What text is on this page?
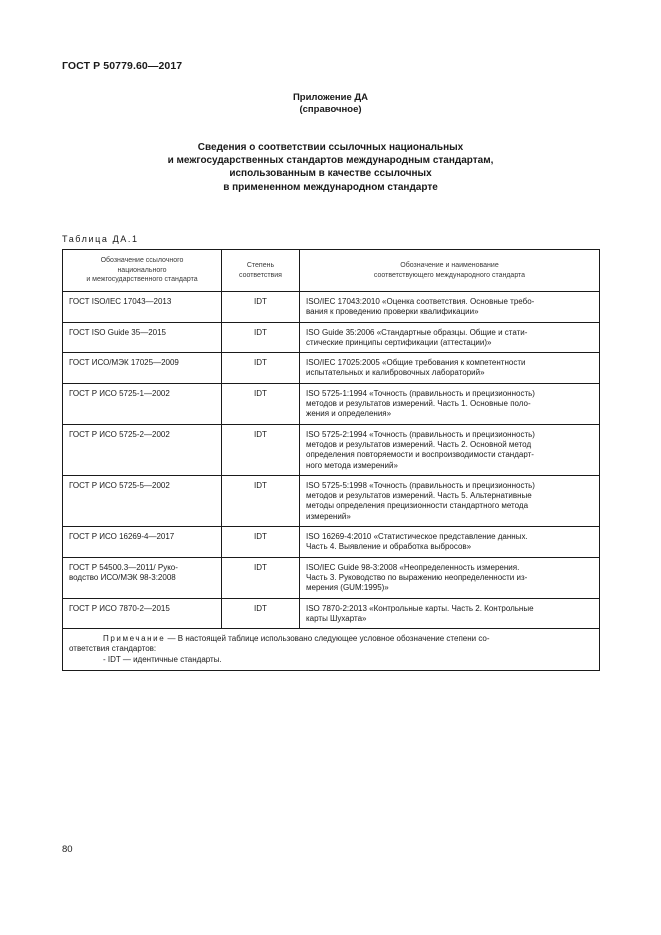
ГОСТ Р 50779.60—2017
Приложение ДА
(справочное)
Сведения о соответствии ссылочных национальных
и межгосударственных стандартов международным стандартам,
использованным в качестве ссылочных
в примененном международном стандарте
Таблица ДА.1
Обозначение ссылочного
национального
и межгосударственного стандарта	Степень
соответствия	Обозначение и наименование
соответствующего международного стандарта

ГОСТ ISO/IEC 17043—2013	IDT	ISO/IEC 17043:2010 «Оценка соответствия. Основные требо-
вания к проведению проверки квалификации»

ГОСТ ISO Guide 35—2015	IDT	ISO Guide 35:2006 «Стандартные образцы. Общие и стати-
стические принципы сертификации (аттестации)»

ГОСТ ИСО/МЭК 17025—2009	IDT	ISO/IEC 17025:2005 «Общие требования к компетентности
испытательных и калибровочных лабораторий»

ГОСТ Р ИСО 5725-1—2002	IDT	ISO 5725-1:1994 «Точность (правильность и прецизионность)
методов и результатов измерений. Часть 1. Основные поло-
жения и определения»

ГОСТ Р ИСО 5725-2—2002	IDT	ISO 5725-2:1994 «Точность (правильность и прецизионность)
методов и результатов измерений. Часть 2. Основной метод
определения повторяемости и воспроизводимости стандарт-
ного метода измерений»

ГОСТ Р ИСО 5725-5—2002	IDT	ISO 5725-5:1998 «Точность (правильность и прецизионность)
методов и результатов измерений. Часть 5. Альтернативные
методы определения прецизионности стандартного метода
измерений»

ГОСТ Р ИСО 16269-4—2017	IDT	ISO 16269-4:2010 «Статистическое представление данных.
Часть 4. Выявление и обработка выбросов»

ГОСТ Р 54500.3—2011/ Руко-
водство ИСО/МЭК 98-3:2008	IDT	ISO/IEC Guide 98-3:2008 «Неопределенность измерения.
Часть 3. Руководство по выражению неопределенности из-
мерения (GUM:1995)»

ГОСТ Р ИСО 7870-2—2015	IDT	ISO 7870-2:2013 «Контрольные карты. Часть 2. Контрольные
карты Шухарта»

Примечание — В настоящей таблице использовано следующее условное обозначение степени со-
ответствия стандартов:
- IDT — идентичные стандарты.		
80
